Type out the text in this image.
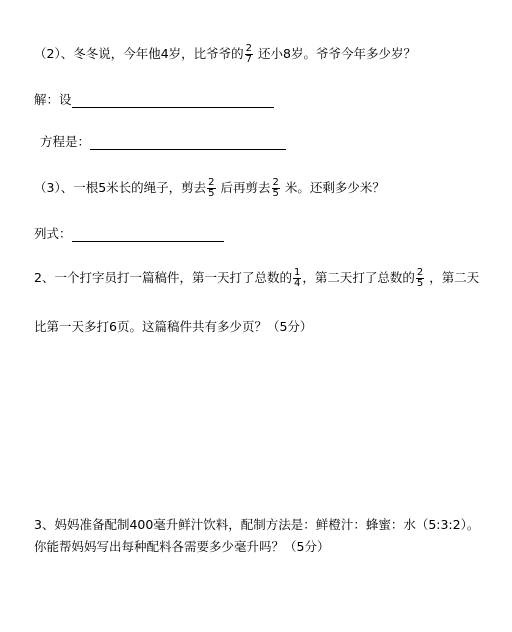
（2）、冬冬说，今年他4岁，比爷爷的 $\frac{2}{7}$ 还小8岁。爷爷今年多少岁？
解：设
方程是：
（3）、一根5米长的绳子，剪去 $\frac{2}{5}$ 后再剪去 $\frac{2}{5}$ 米。还剩多少米？
列式：
2、一个打字员打一篇稿件，第一天打了总数的 $\frac{1}{4}$ ，第二天打了总数的 $\frac{2}{5}$ ，第二天
比第一天多打6页。这篇稿件共有多少页？（5分）
3、妈妈准备配制400毫升鲜汁饮料，配制方法是：鲜橙汁：蜂蜜：水（5:3:2）。
你能帮妈妈写出每种配料各需要多少毫升吗？（5分）
